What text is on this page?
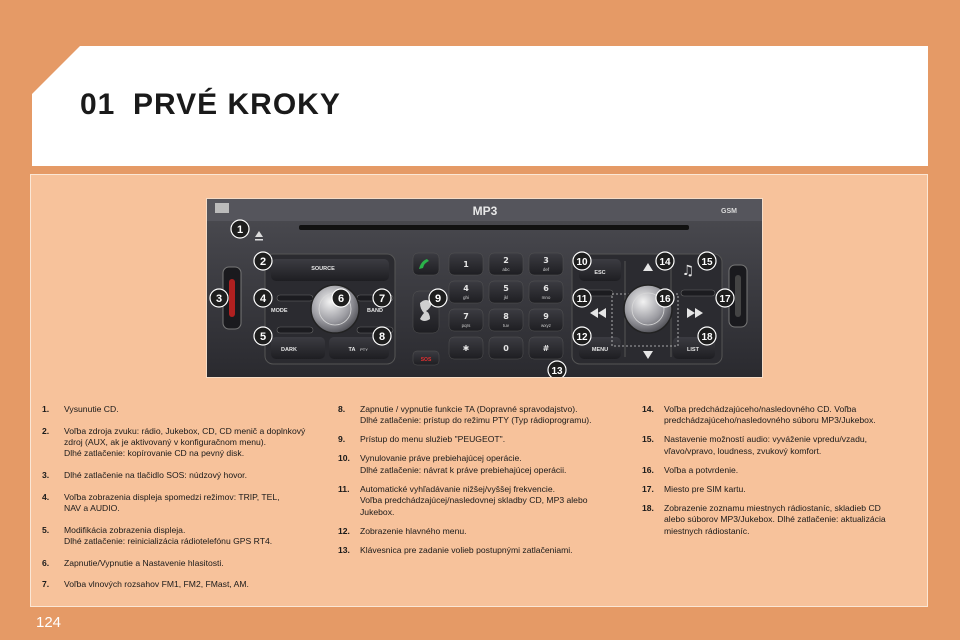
01 PRVÉ KROKY
MP3	GSM
SOURCE
DARK	TA PTY
MODE	BAND
1	2
abc
3
def
4
ghi
5
jkl
6
mno
7
pqrs
8
tuv
9
wxyz
✱	0	#
SOS
ESC
MENU	LIST
♫
1
2
3	4
5
6	7
8
9
10
11
12
13
14	15
16	17
18
1.	Vysunutie CD.
2.	Voľba zdroja zvuku: rádio, Jukebox, CD, CD menič a doplnkový
zdroj (AUX, ak je aktivovaný v konfiguračnom menu).
Dlhé zatlačenie: kopírovanie CD na pevný disk.
3.	Dlhé zatlačenie na tlačidlo SOS: núdzový hovor.
4.	Voľba zobrazenia displeja spomedzi režimov: TRIP, TEL,
NAV a AUDIO.
5.	Modifikácia zobrazenia displeja.
Dlhé zatlačenie: reinicializácia rádiotelefónu GPS RT4.
6.	Zapnutie/Vypnutie a Nastavenie hlasitosti.
7.	Voľba vlnových rozsahov FM1, FM2, FMast, AM.
8.	Zapnutie / vypnutie funkcie TA (Dopravné spravodajstvo).
Dlhé zatlačenie: prístup do režimu PTY (Typ rádioprogramu).
9.	Prístup do menu služieb "PEUGEOT".
10.	Vynulovanie práve prebiehajúcej operácie.
Dlhé zatlačenie: návrat k práve prebiehajúcej operácii.
11.	Automatické vyhľadávanie nižšej/vyššej frekvencie.
Voľba predchádzajúcej/nasledovnej skladby CD, MP3 alebo
Jukebox.
12.	Zobrazenie hlavného menu.
13.	Klávesnica pre zadanie volieb postupnými zatlačeniami.
14.	Voľba predchádzajúceho/nasledovného CD. Voľba
predchádzajúceho/nasledovného súboru MP3/Jukebox.
15.	Nastavenie možností audio: vyváženie vpredu/vzadu,
vľavo/vpravo, loudness, zvukový komfort.
16.	Voľba a potvrdenie.
17.	Miesto pre SIM kartu.
18.	Zobrazenie zoznamu miestnych rádiostaníc, skladieb CD
alebo súborov MP3/Jukebox. Dlhé zatlačenie: aktualizácia
miestnych rádiostaníc.
124
